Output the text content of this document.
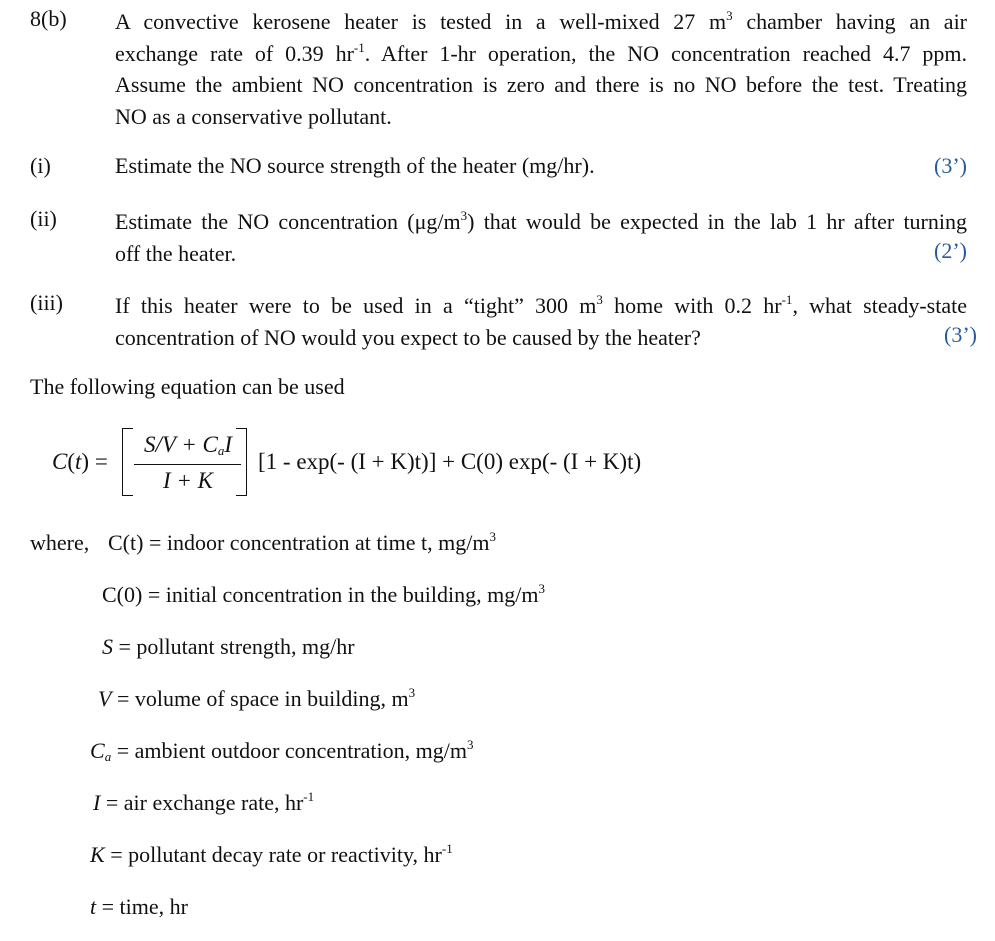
8(b) A convective kerosene heater is tested in a well-mixed 27 $m^3$ chamber having an air
exchange rate of 0.39 $hr^{-1}$. After 1-hr operation, the NO concentration reached 4.7 ppm.
Assume the ambient NO concentration is zero and there is no NO before the test. Treating
NO as a conservative pollutant.
(i)	Estimate the NO source strength of the heater (mg/hr).	(3’)
(ii)	Estimate the NO concentration $(\mu g/m^3)$ that would be expected in the lab 1 hr after turning
off the heater.	(2’)
(iii) If this heater were to be used in a “tight” 300 $m^3$ home with 0.2 $hr^{-1}$, what steady-state
concentration of NO would you expect to be caused by the heater?	(3’)
The following equation can be used
C(t) =
$S/V + C_aI$
I + K
[1 - exp(- (I + K)t)] + C(0) exp(- (I + K)t)
where, C(t) = indoor concentration at time t, $mg/m^3$
C(0) = initial concentration in the building, $mg/m^3$
S = pollutant strength, mg/hr
V = volume of space in building, $m^3$
$C_a$ = ambient outdoor concentration, $mg/m^3$
I = air exchange rate, $hr^{-1}$
K = pollutant decay rate or reactivity, $hr^{-1}$
t = time, hr
